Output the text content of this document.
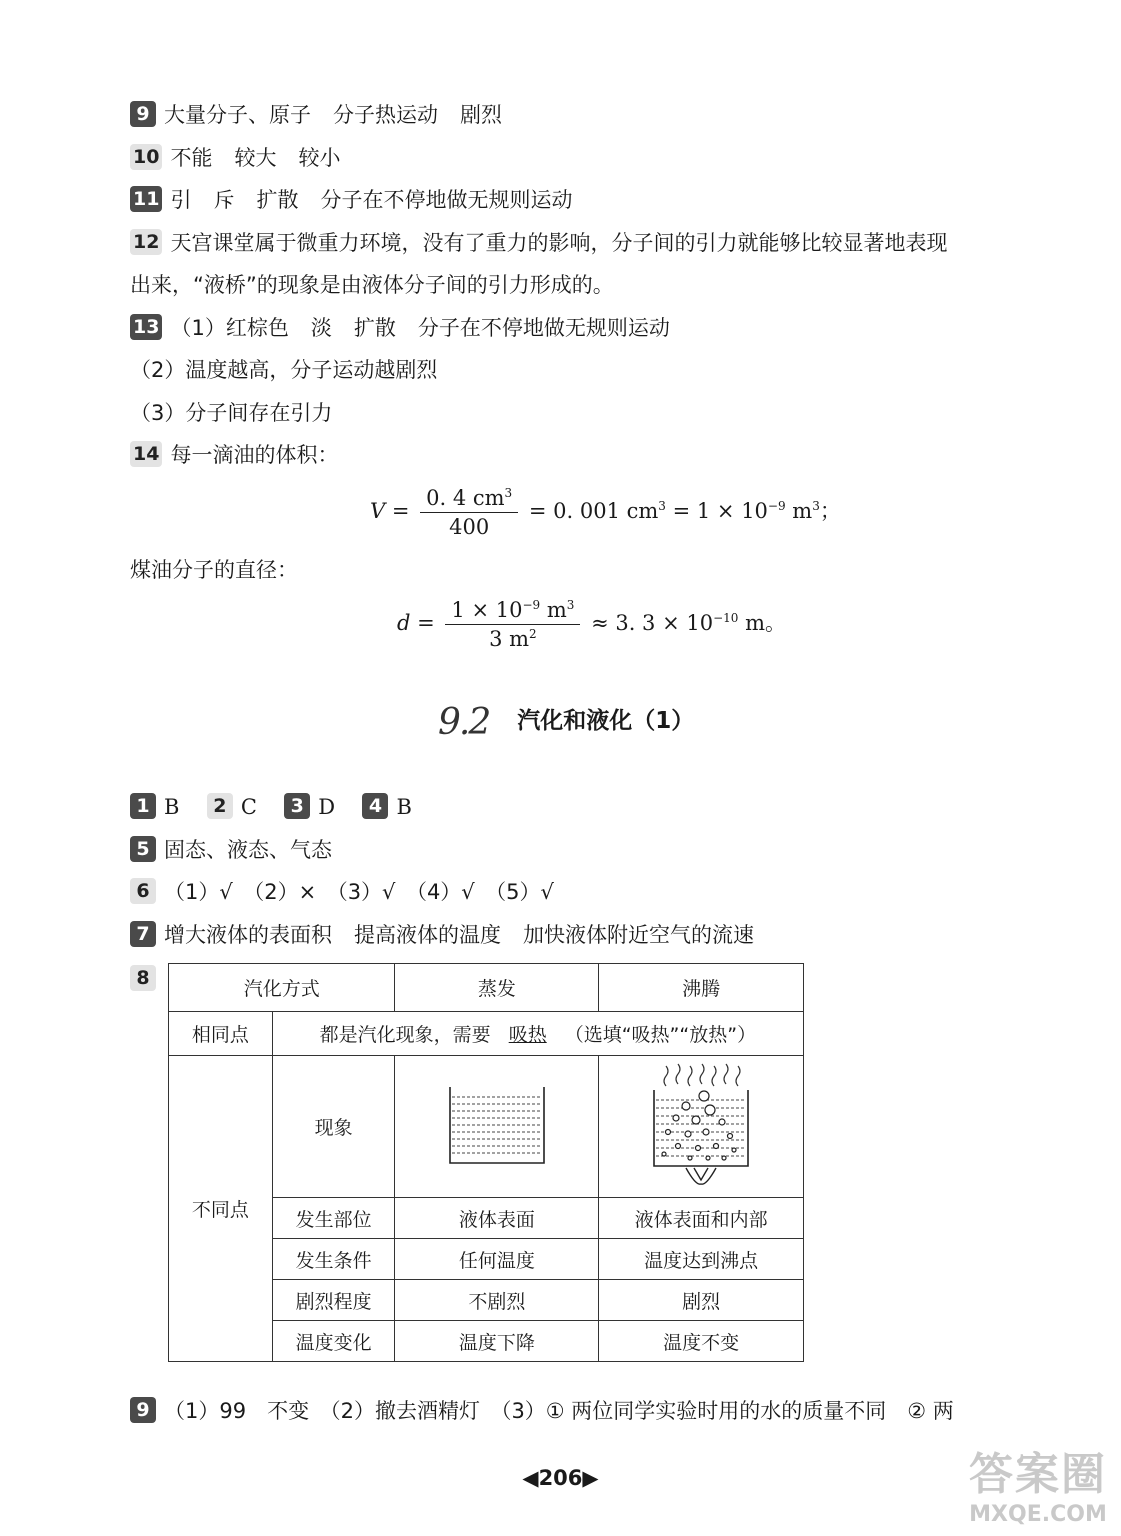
9 大量分子、原子 分子热运动 剧烈
10 不能 较大 较小
11 引 斥 扩散 分子在不停地做无规则运动
12 天宫课堂属于微重力环境，没有了重力的影响，分子间的引力就能够比较显著地表现
出来，“液桥”的现象是由液体分子间的引力形成的。
13 （1）红棕色 淡 扩散 分子在不停地做无规则运动
（2）温度越高，分子运动越剧烈
（3）分子间存在引力
14 每一滴油的体积：
$V = \frac{0. 4 cm^3}{400} = 0$. 001 $cm^3 = 1 \times 10^{-9}$ $m^3$；
煤油分子的直径：
$d = \frac{1 \times 10^{-9} m^3}{3 m^2} \approx 3$. $3 \times 10^{-10}$ m。
9.2 汽化和液化（1）
1 B 2 C 3 D 4 B
5 固态、液态、气态
6 （1）√　（2）×　（3）√　（4）√　（5）√
7 增大液体的表面积 提高液体的温度 加快液体附近空气的流速
8	汽化方式		蒸发	沸腾
相同点	都是汽化现象，需要 吸热 （选填“吸热”“放热”）		
不同点	现象		
	发生部位	液体表面	液体表面和内部
	发生条件	任何温度	温度达到沸点
	剧烈程度	不剧烈	剧烈
	温度变化	温度下降	温度不变
9 （1）99　不变　（2）撤去酒精灯　（3）① 两位同学实验时用的水的质量不同　② 两
◀206▶	答案圈
MXQE.COM
